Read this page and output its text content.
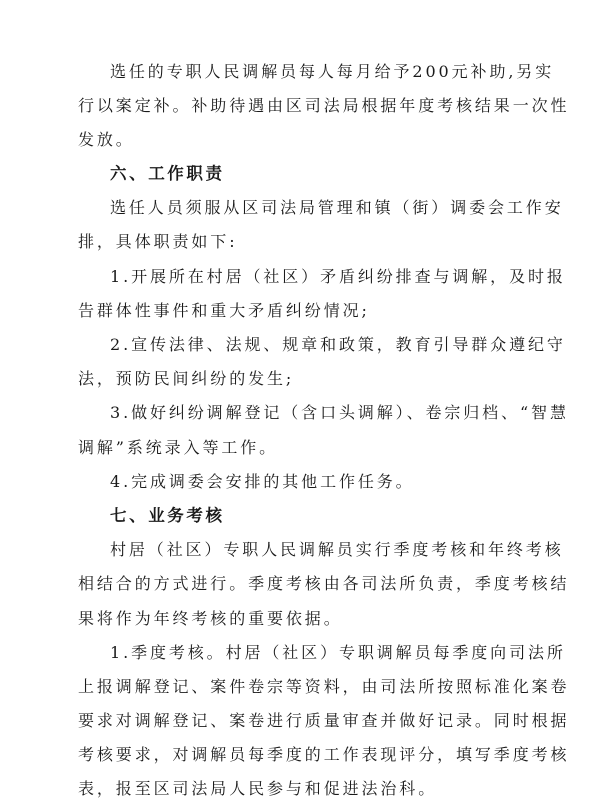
选任的专职人民调解员每人每月给予200元补助,另实
行以案定补。补助待遇由区司法局根据年度考核结果一次性
发放。
六、工作职责
选任人员须服从区司法局管理和镇（街）调委会工作安
排，具体职责如下:
1.开展所在村居（社区）矛盾纠纷排查与调解，及时报
告群体性事件和重大矛盾纠纷情况;
2.宣传法律、法规、规章和政策，教育引导群众遵纪守
法，预防民间纠纷的发生;
3.做好纠纷调解登记（含口头调解）、卷宗归档、“智慧
调解”系统录入等工作。
4.完成调委会安排的其他工作任务。
七、业务考核
村居（社区）专职人民调解员实行季度考核和年终考核
相结合的方式进行。季度考核由各司法所负责，季度考核结
果将作为年终考核的重要依据。
1.季度考核。村居（社区）专职调解员每季度向司法所
上报调解登记、案件卷宗等资料，由司法所按照标准化案卷
要求对调解登记、案卷进行质量审查并做好记录。同时根据
考核要求，对调解员每季度的工作表现评分，填写季度考核
表，报至区司法局人民参与和促进法治科。
